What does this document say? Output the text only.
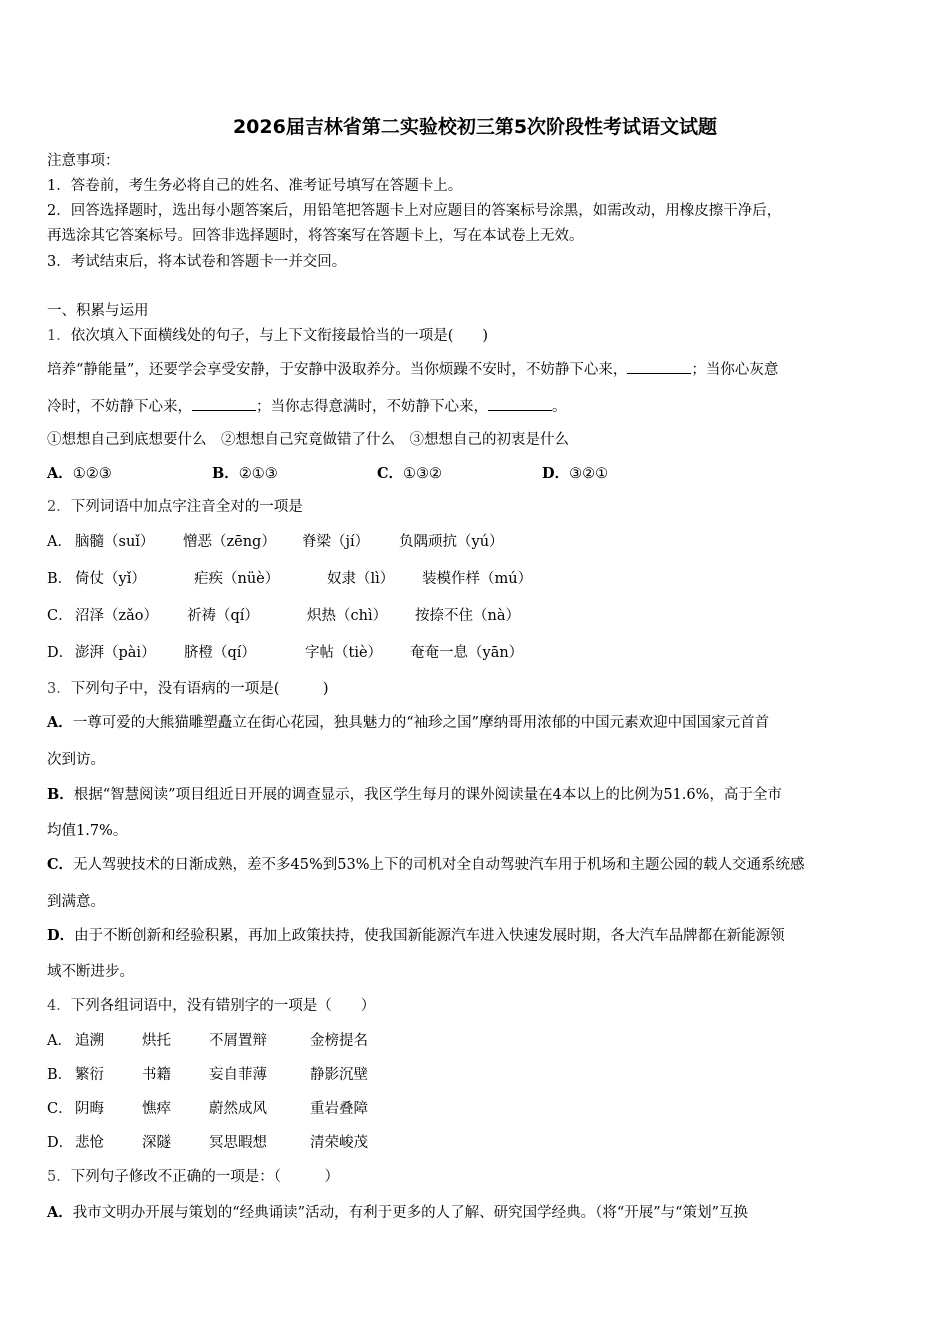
2026届吉林省第二实验校初三第5次阶段性考试语文试题
注意事项：
1．答卷前，考生务必将自己的姓名、准考证号填写在答题卡上。
2．回答选择题时，选出每小题答案后，用铅笔把答题卡上对应题目的答案标号涂黑，如需改动，用橡皮擦干净后，
再选涂其它答案标号。回答非选择题时，将答案写在答题卡上，写在本试卷上无效。
3．考试结束后，将本试卷和答题卡一并交回。
一、积累与运用
1．依次填入下面横线处的句子，与上下文衔接最恰当的一项是(　　)
培养“静能量”，还要学会享受安静，于安静中汲取养分。当你烦躁不安时，不妨静下心来，	；当你心灰意
冷时，不妨静下心来，	；当你志得意满时，不妨静下心来，	。
①想想自己到底想要什么　②想想自己究竟做错了什么　③想想自己的初衷是什么
A．①②③	B．②①③	C．①③②	D．③②①
2．下列词语中加点字注音全对的一项是
A． 脑髓（suǐ） 憎恶（zēng） 脊梁（jí） 负隅顽抗（yú）
B． 倚仗（yǐ）	疟疾（nüè）	奴隶（lì） 装模作样（mú）
C． 沼泽（zǎo） 祈祷（qí）	炽热（chì） 按捺不住（nà）
D． 澎湃（pài） 脐橙（qí）	字帖（tiè） 奄奄一息（yān）
3．下列句子中，没有语病的一项是(　　　)
A．一尊可爱的大熊猫雕塑矗立在街心花园，独具魅力的“袖珍之国”摩纳哥用浓郁的中国元素欢迎中国国家元首首
次到访。
B．根据“智慧阅读”项目组近日开展的调查显示，我区学生每月的课外阅读量在4本以上的比例为51.6%，高于全市
均值1.7%。
C．无人驾驶技术的日渐成熟，差不多45%到53%上下的司机对全自动驾驶汽车用于机场和主题公园的载人交通系统感
到满意。
D．由于不断创新和经验积累，再加上政策扶持，使我国新能源汽车进入快速发展时期，各大汽车品牌都在新能源领
域不断进步。
4．下列各组词语中，没有错别字的一项是（　　）
A． 追溯	烘托	不屑置辩	金榜提名
B． 繁衍	书籍	妄自菲薄	静影沉壁
C． 阴晦	憔瘁	蔚然成风	重岩叠障
D． 悲怆	深隧	冥思暇想	清荣峻茂
5．下列句子修改不正确的一项是：（　　　）
A．我市文明办开展与策划的“经典诵读”活动，有利于更多的人了解、研究国学经典。（将“开展”与“策划”互换
